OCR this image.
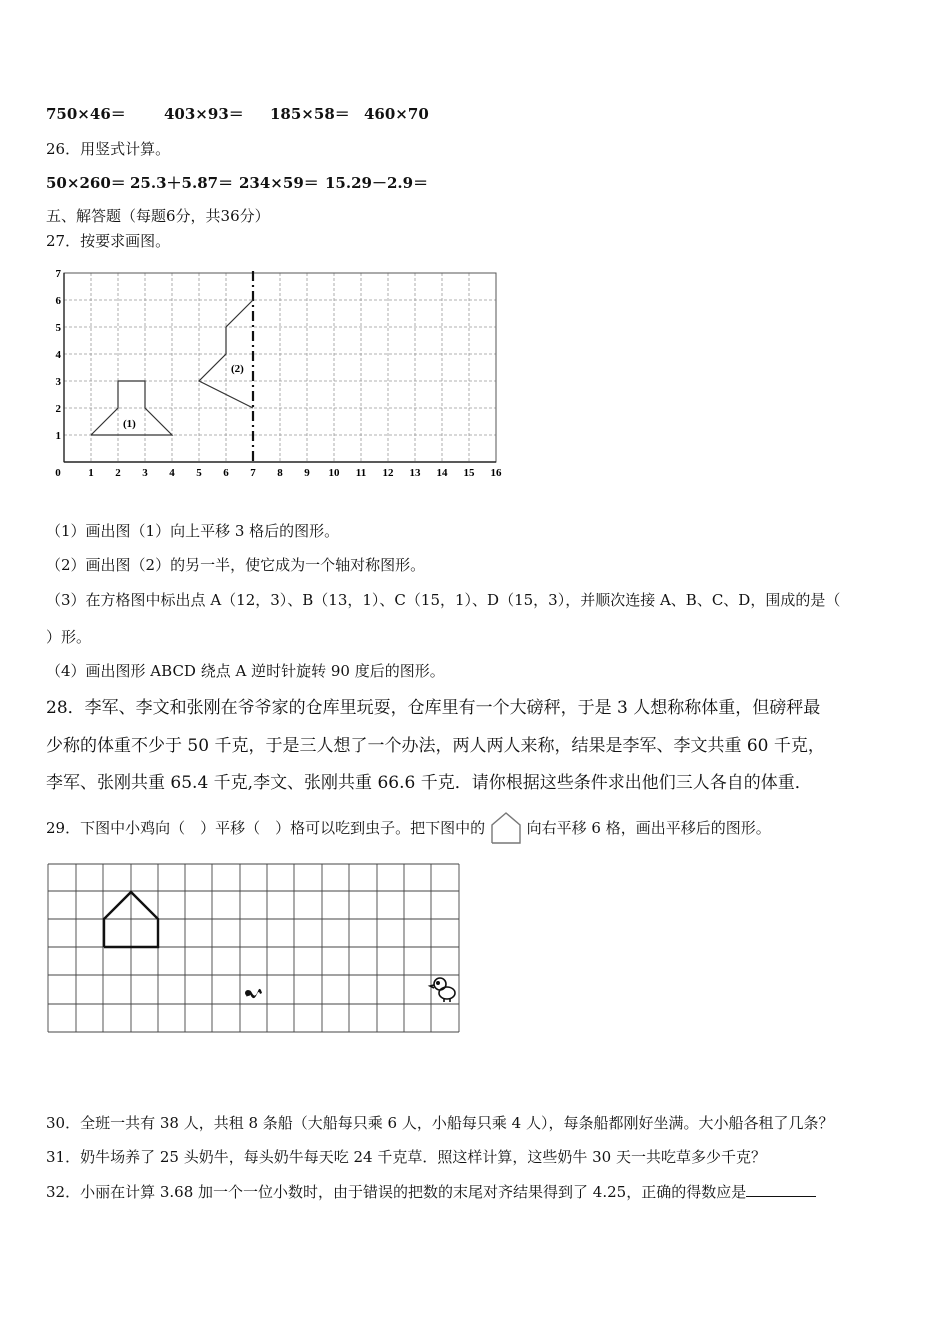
750×46＝	403×93＝ 185×58＝ 460×70
26．用竖式计算。
50×260＝ 25.3＋5.87＝ 234×59＝ 15.29－2.9＝
五、解答题（每题6分，共36分）
27．按要求画图。
(1)
(2)
7
6
5
4
3
2
1
0	1 2 3 4 5 6 7 8 9 10 11 12 13 14 15 16
（1）画出图（1）向上平移 3 格后的图形。
（2）画出图（2）的另一半，使它成为一个轴对称图形。
（3）在方格图中标出点 A（12，3）、B（13，1）、C（15，1）、D（15，3），并顺次连接 A、B、C、D，围成的是（
）形。
（4）画出图形 ABCD 绕点 A 逆时针旋转 90 度后的图形。
28．李军、李文和张刚在爷爷家的仓库里玩耍，仓库里有一个大磅秤，于是 3 人想称称体重，但磅秤最
少称的体重不少于 50 千克，于是三人想了一个办法，两人两人来称，结果是李军、李文共重 60 千克，
李军、张刚共重 65.4 千克,李文、张刚共重 66.6 千克．请你根据这些条件求出他们三人各自的体重．
29．下图中小鸡向（　）平移（　）格可以吃到虫子。把下图中的	向右平移 6 格，画出平移后的图形。
30．全班一共有 38 人，共租 8 条船（大船每只乘 6 人，小船每只乘 4 人），每条船都刚好坐满。大小船各租了几条？
31．奶牛场养了 25 头奶牛，每头奶牛每天吃 24 千克草．照这样计算，这些奶牛 30 天一共吃草多少千克？
32．小丽在计算 3.68 加一个一位小数时，由于错误的把数的末尾对齐结果得到了 4.25，正确的得数应是
